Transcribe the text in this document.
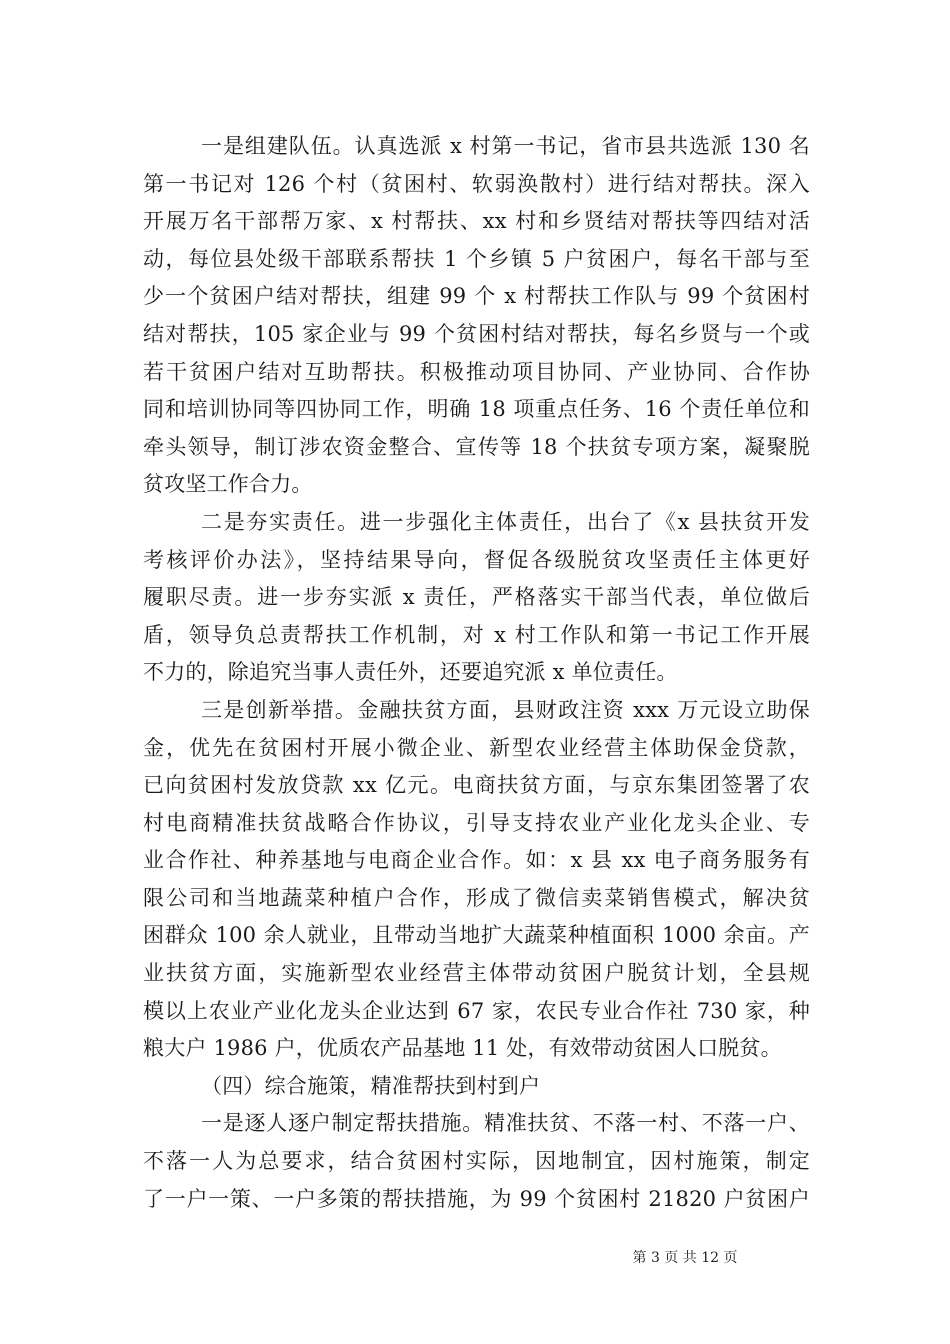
一是组建队伍。认真选派 x 村第一书记，省市县共选派 130 名
第一书记对 126 个村（贫困村、软弱涣散村）进行结对帮扶。深入
开展万名干部帮万家、x 村帮扶、xx 村和乡贤结对帮扶等四结对活
动，每位县处级干部联系帮扶 1 个乡镇 5 户贫困户，每名干部与至
少一个贫困户结对帮扶，组建 99 个 x 村帮扶工作队与 99 个贫困村
结对帮扶，105 家企业与 99 个贫困村结对帮扶，每名乡贤与一个或
若干贫困户结对互助帮扶。积极推动项目协同、产业协同、合作协
同和培训协同等四协同工作，明确 18 项重点任务、16 个责任单位和
牵头领导，制订涉农资金整合、宣传等 18 个扶贫专项方案，凝聚脱
贫攻坚工作合力。
二是夯实责任。进一步强化主体责任，出台了《x 县扶贫开发
考核评价办法》，坚持结果导向，督促各级脱贫攻坚责任主体更好
履职尽责。进一步夯实派 x 责任，严格落实干部当代表，单位做后
盾，领导负总责帮扶工作机制，对 x 村工作队和第一书记工作开展
不力的，除追究当事人责任外，还要追究派 x 单位责任。
三是创新举措。金融扶贫方面，县财政注资 xxx 万元设立助保
金，优先在贫困村开展小微企业、新型农业经营主体助保金贷款，
已向贫困村发放贷款 xx 亿元。电商扶贫方面，与京东集团签署了农
村电商精准扶贫战略合作协议，引导支持农业产业化龙头企业、专
业合作社、种养基地与电商企业合作。如：x 县 xx 电子商务服务有
限公司和当地蔬菜种植户合作，形成了微信卖菜销售模式，解决贫
困群众 100 余人就业，且带动当地扩大蔬菜种植面积 1000 余亩。产
业扶贫方面，实施新型农业经营主体带动贫困户脱贫计划，全县规
模以上农业产业化龙头企业达到 67 家，农民专业合作社 730 家，种
粮大户 1986 户，优质农产品基地 11 处，有效带动贫困人口脱贫。
（四）综合施策，精准帮扶到村到户
一是逐人逐户制定帮扶措施。精准扶贫、不落一村、不落一户、
不落一人为总要求，结合贫困村实际，因地制宜，因村施策，制定
了一户一策、一户多策的帮扶措施，为 99 个贫困村 21820 户贫困户
第 3 页 共 12 页
